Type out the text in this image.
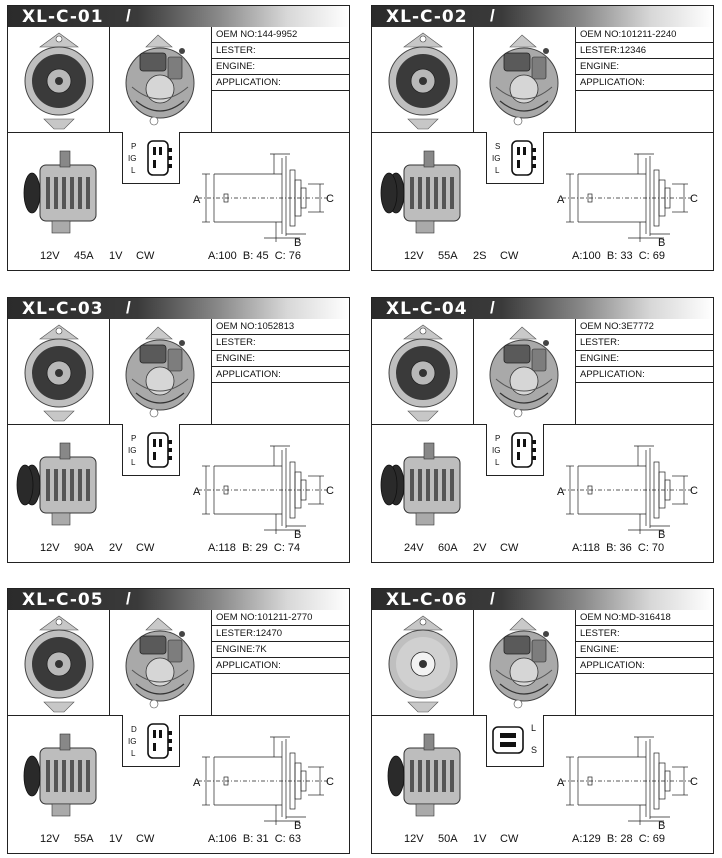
XL-C-01 /
OEM NO:144-9952
LESTER:
ENGINE:
APPLICATION:
P
IG
L
A	C
B
12V 45A 1V CW	A:100 B: 45 C: 76
XL-C-02 /
OEM NO:101211-2240
LESTER:12346
ENGINE:
APPLICATION:
S
IG
L
A	C
B
12V 55A 2S CW	A:100 B: 33 C: 69
XL-C-03 /
OEM NO:1052813
LESTER:
ENGINE:
APPLICATION:
P
IG
L
A	C
B
12V 90A 2V CW	A:118 B: 29 C: 74
XL-C-04 /
OEM NO:3E7772
LESTER:
ENGINE:
APPLICATION:
P
IG
L
A	C
B
24V 60A 2V CW	A:118 B: 36 C: 70
XL-C-05 /
OEM NO:101211-2770
LESTER:12470
ENGINE:7K
APPLICATION:
D
IG
L
A	C
B
12V 55A 1V CW	A:106 B: 31 C: 63
XL-C-06 /
OEM NO:MD-316418
LESTER:
ENGINE:
APPLICATION:
L
S
A	C
B
12V 50A 1V CW	A:129 B: 28 C: 69
